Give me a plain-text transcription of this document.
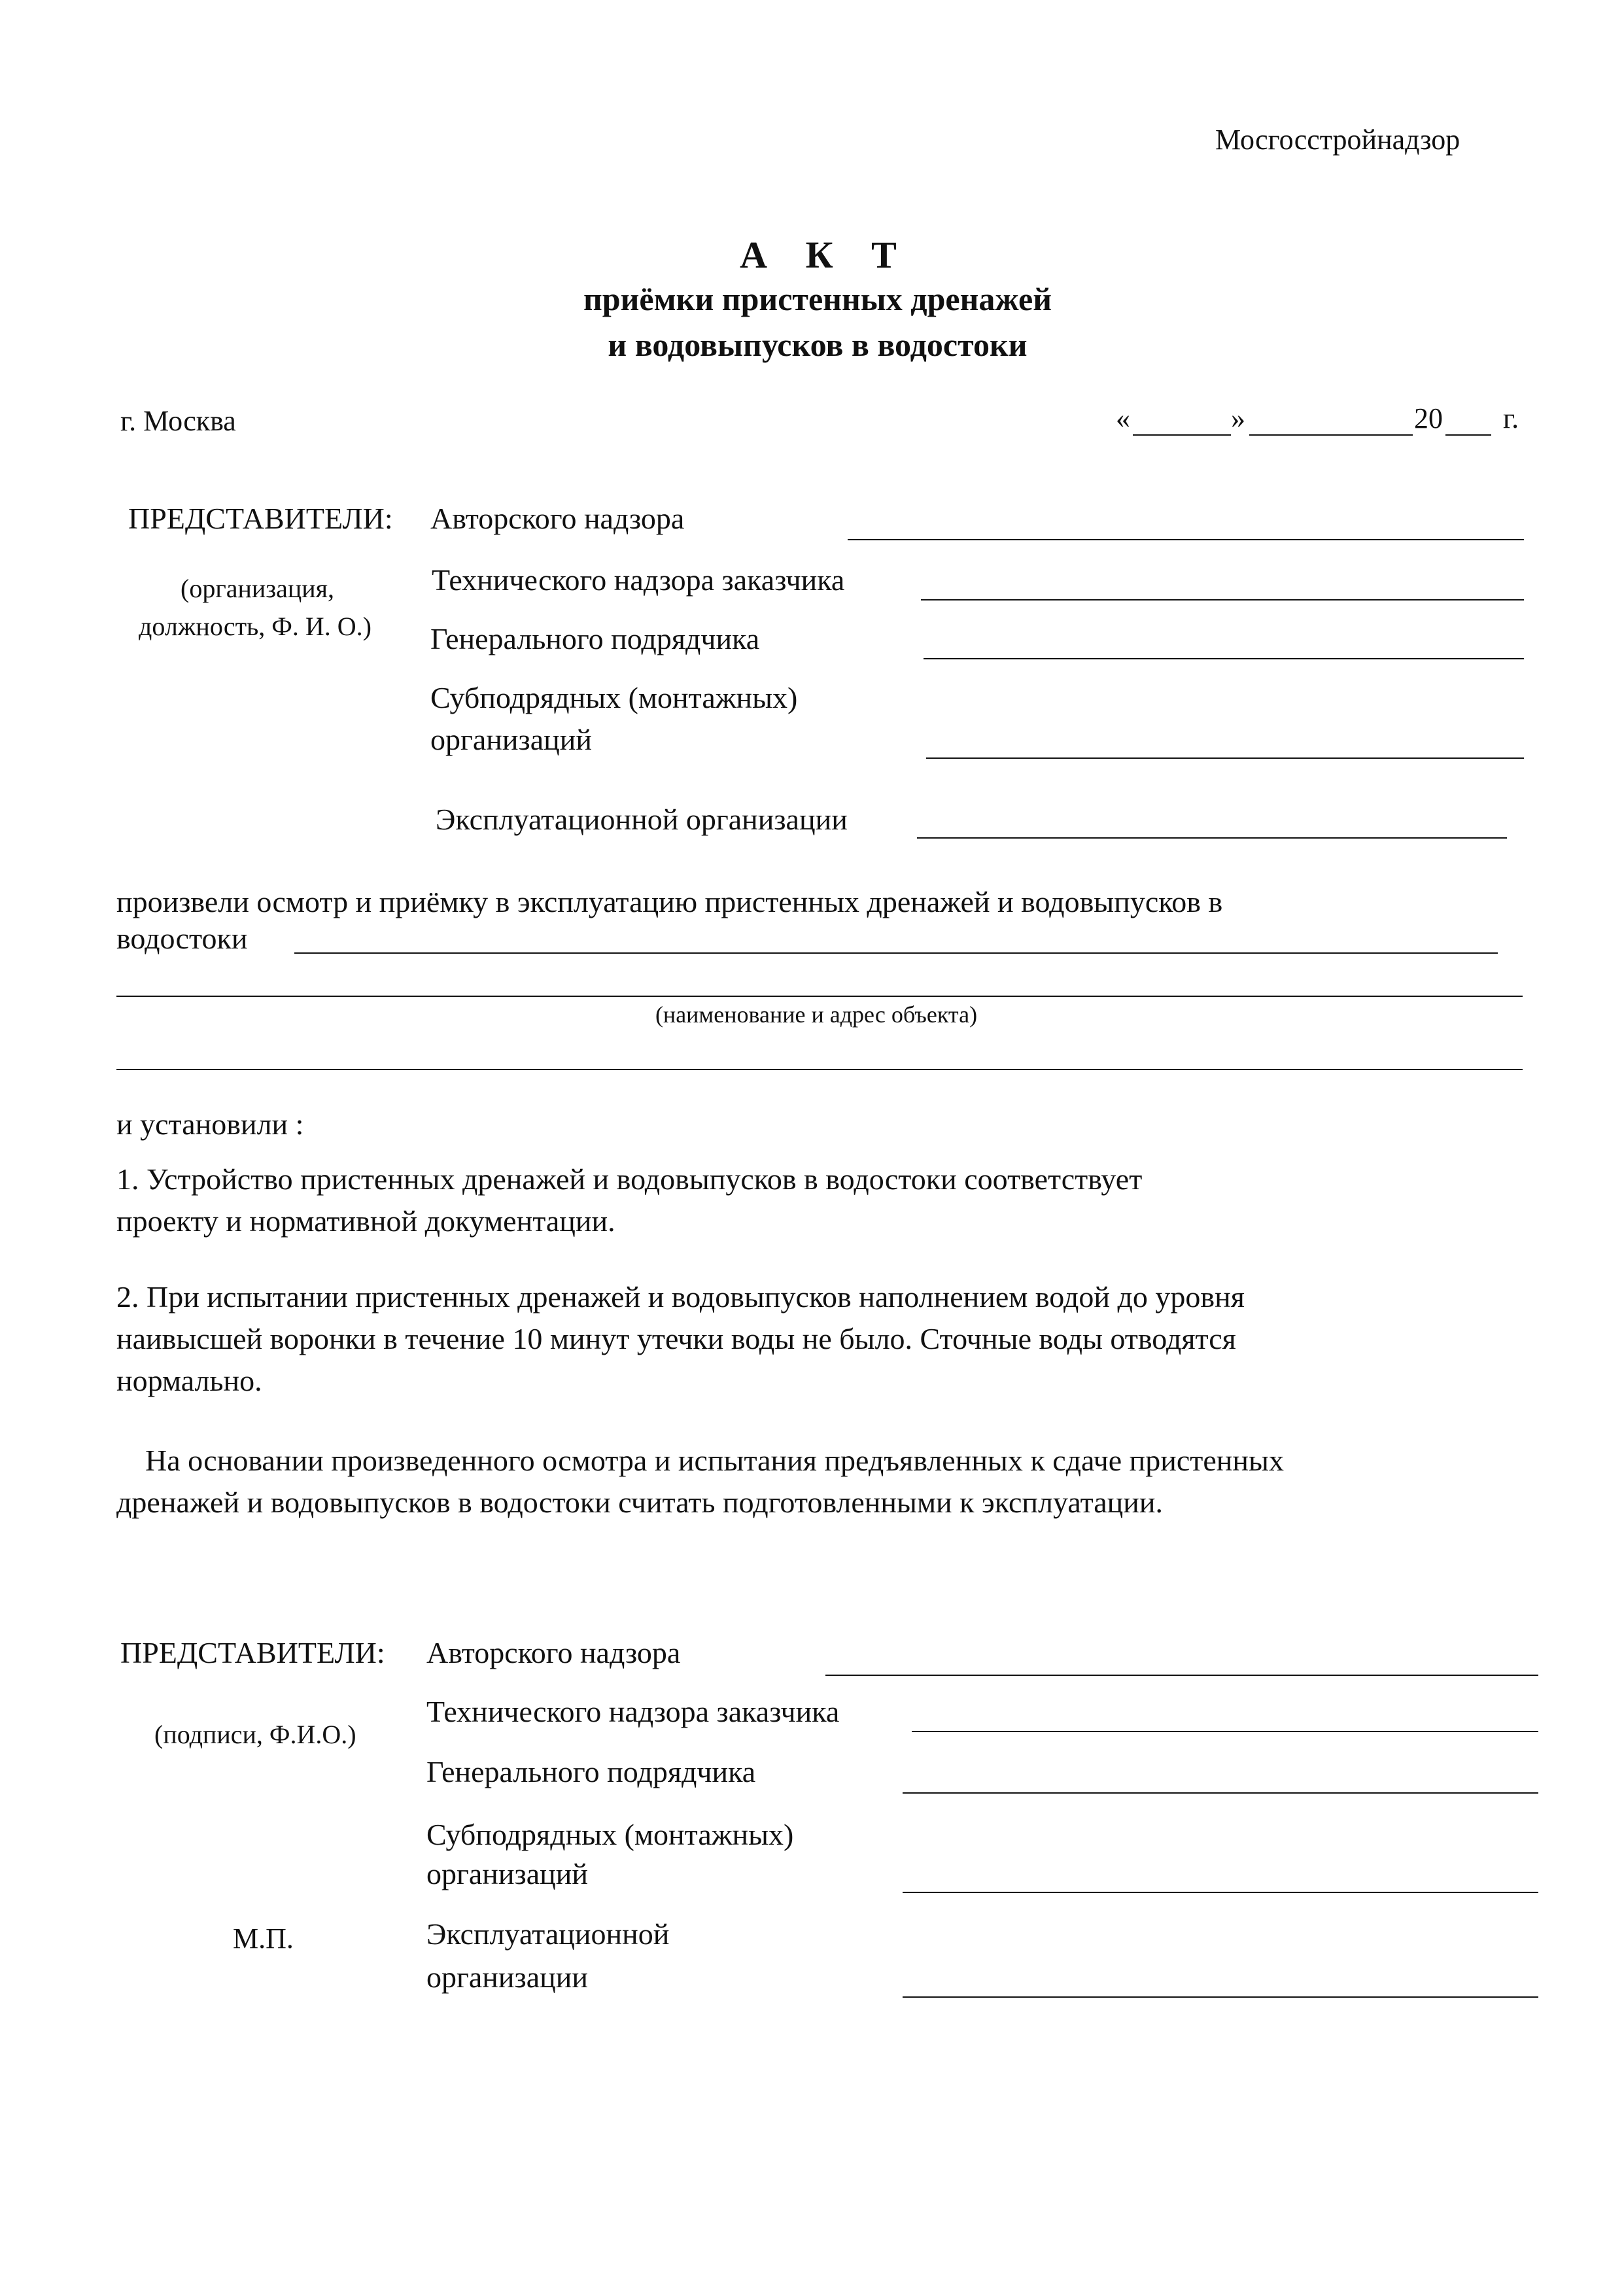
Мосгосстройнадзор
А К Т
приёмки пристенных дренажей
и водовыпусков в водостоки
г. Москва	«	»	20 г.
ПРЕДСТАВИТЕЛИ:
(организация,
должность, Ф. И. О.)
Авторского надзора
Технического надзора заказчика
Генерального подрядчика
Субподрядных (монтажных)
организаций
Эксплуатационной организации
произвели осмотр и приёмку в эксплуатацию пристенных дренажей и водовыпусков в
водостоки
(наименование и адрес объекта)
и установили :
1. Устройство пристенных дренажей и водовыпусков в водостоки соответствует
проекту и нормативной документации.
2. При испытании пристенных дренажей и водовыпусков наполнением водой до уровня
наивысшей воронки в течение 10 минут утечки воды не было. Сточные воды отводятся
нормально.
На основании произведенного осмотра и испытания предъявленных к сдаче пристенных
дренажей и водовыпусков в водостоки считать подготовленными к эксплуатации.
ПРЕДСТАВИТЕЛИ:
(подписи, Ф.И.О.)
Авторского надзора
Технического надзора заказчика
Генерального подрядчика
Субподрядных (монтажных)
организаций
М.П.	Эксплуатационной
организации
